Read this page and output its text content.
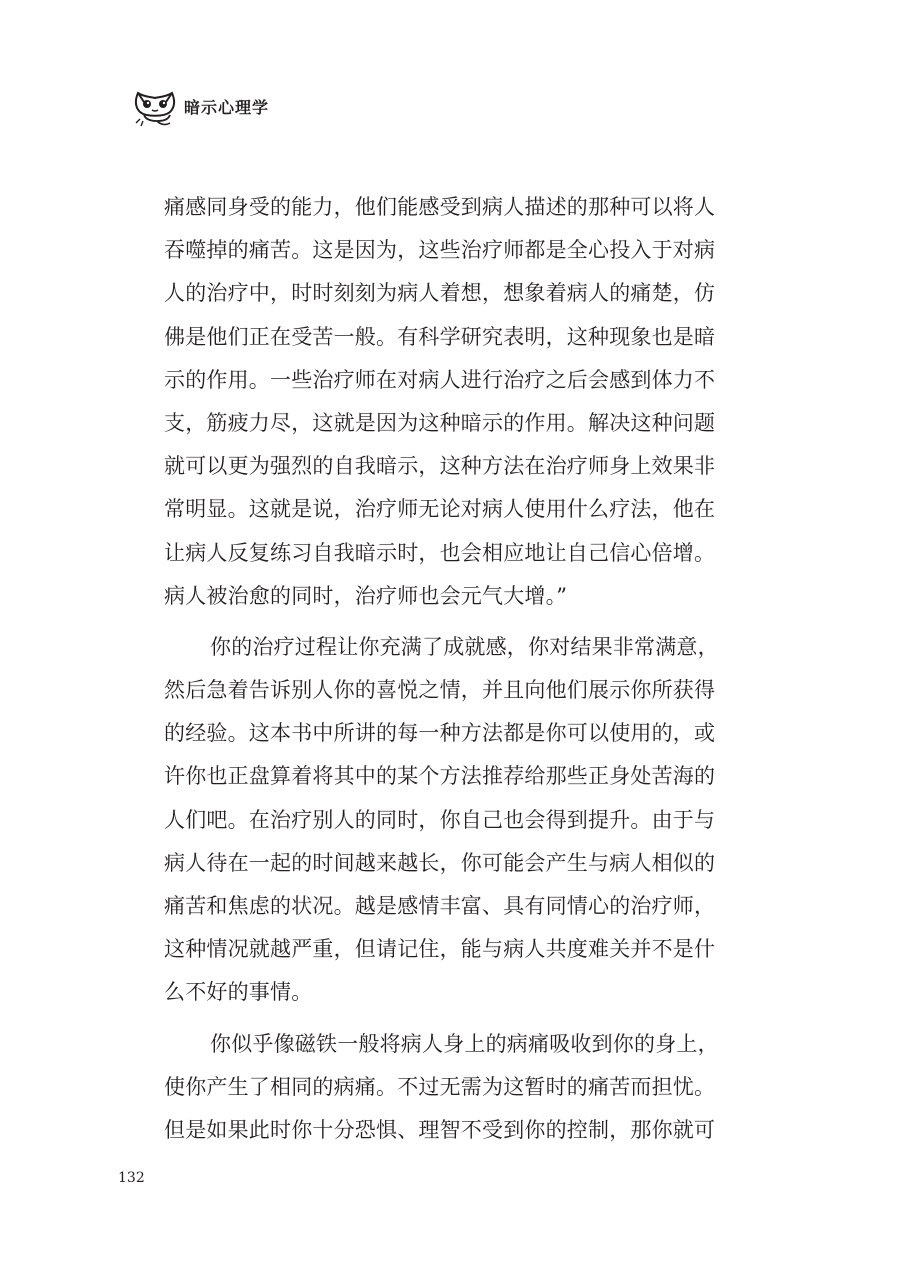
暗示心理学
痛感同身受的能力，他们能感受到病人描述的那种可以将人
吞噬掉的痛苦。这是因为，这些治疗师都是全心投入于对病
人的治疗中，时时刻刻为病人着想，想象着病人的痛楚，仿
佛是他们正在受苦一般。有科学研究表明，这种现象也是暗
示的作用。一些治疗师在对病人进行治疗之后会感到体力不
支，筋疲力尽，这就是因为这种暗示的作用。解决这种问题
就可以更为强烈的自我暗示，这种方法在治疗师身上效果非
常明显。这就是说，治疗师无论对病人使用什么疗法，他在
让病人反复练习自我暗示时，也会相应地让自己信心倍增。
病人被治愈的同时，治疗师也会元气大增。”
你的治疗过程让你充满了成就感，你对结果非常满意，
然后急着告诉别人你的喜悦之情，并且向他们展示你所获得
的经验。这本书中所讲的每一种方法都是你可以使用的，或
许你也正盘算着将其中的某个方法推荐给那些正身处苦海的
人们吧。在治疗别人的同时，你自己也会得到提升。由于与
病人待在一起的时间越来越长，你可能会产生与病人相似的
痛苦和焦虑的状况。越是感情丰富、具有同情心的治疗师，
这种情况就越严重，但请记住，能与病人共度难关并不是什
么不好的事情。
你似乎像磁铁一般将病人身上的病痛吸收到你的身上，
使你产生了相同的病痛。不过无需为这暂时的痛苦而担忧。
但是如果此时你十分恐惧、理智不受到你的控制，那你就可
132
